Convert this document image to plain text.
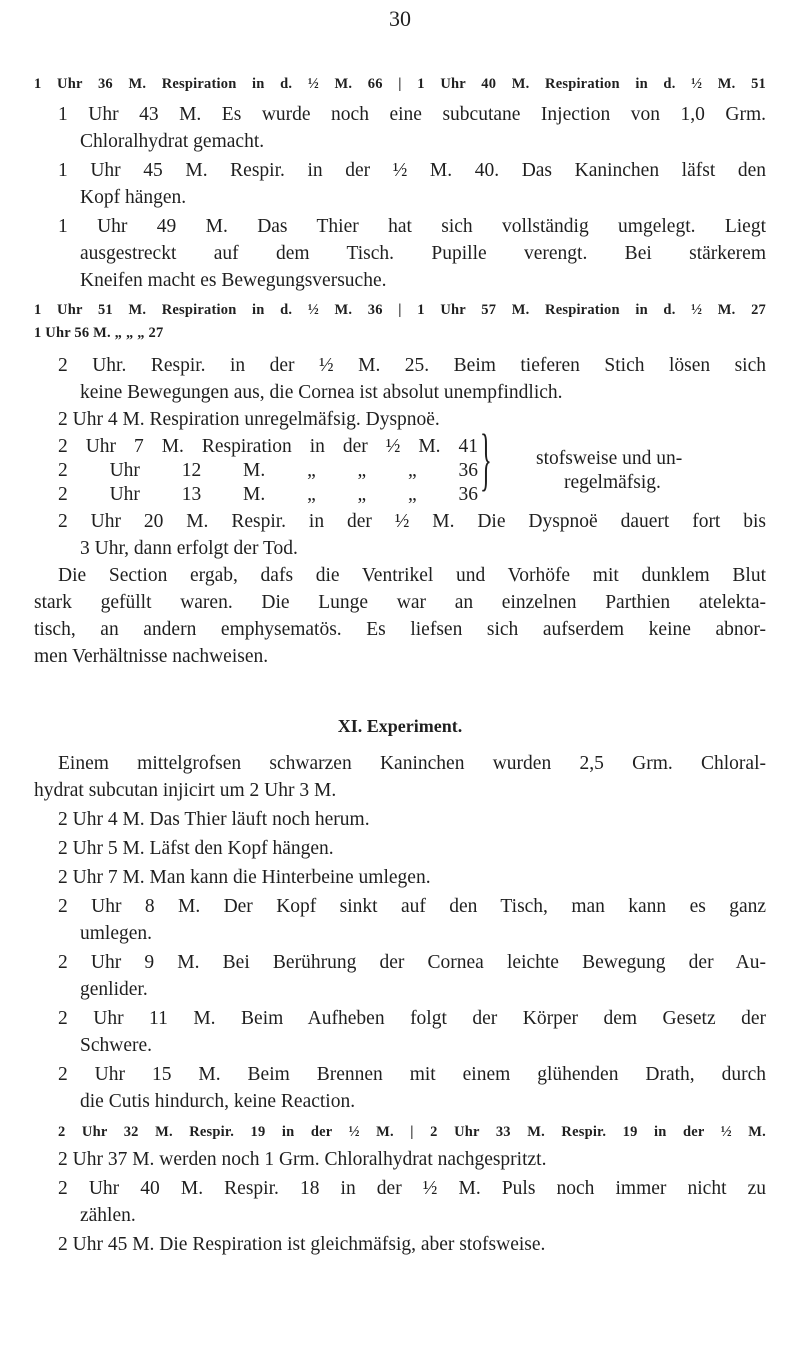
30
1 Uhr 36 M. Respiration in d. ½ M. 66 | 1 Uhr 40 M. Respiration in d. ½ M. 51
1 Uhr 43 M. Es wurde noch eine subcutane Injection von 1,0 Grm.
Chloralhydrat gemacht.
1 Uhr 45 M. Respir. in der ½ M. 40. Das Kaninchen läfst den
Kopf hängen.
1 Uhr 49 M. Das Thier hat sich vollständig umgelegt. Liegt
ausgestreckt auf dem Tisch. Pupille verengt. Bei stärkerem
Kneifen macht es Bewegungsversuche.
1 Uhr 51 M. Respiration in d. ½ M. 36 | 1 Uhr 57 M. Respiration in d. ½ M. 27
1 Uhr 56 M. „ „ „ 27
2 Uhr. Respir. in der ½ M. 25. Beim tieferen Stich lösen sich
keine Bewegungen aus, die Cornea ist absolut unempfindlich.
2 Uhr 4 M. Respiration unregelmäfsig. Dyspnoë.
2 Uhr 7 M. Respiration in der ½ M. 41
2 Uhr 12 M. „ „ „ 36
2 Uhr 13 M. „ „ „ 36 } stofsweise und un-
regelmäfsig.
2 Uhr 20 M. Respir. in der ½ M. Die Dyspnoë dauert fort bis
3 Uhr, dann erfolgt der Tod.
Die Section ergab, dafs die Ventrikel und Vorhöfe mit dunklem Blut
stark gefüllt waren. Die Lunge war an einzelnen Parthien atelekta-
tisch, an andern emphysematös. Es liefsen sich aufserdem keine abnor-
men Verhältnisse nachweisen.
XI. Experiment.
Einem mittelgrofsen schwarzen Kaninchen wurden 2,5 Grm. Chloral-
hydrat subcutan injicirt um 2 Uhr 3 M.
2 Uhr 4 M. Das Thier läuft noch herum.
2 Uhr 5 M. Läfst den Kopf hängen.
2 Uhr 7 M. Man kann die Hinterbeine umlegen.
2 Uhr 8 M. Der Kopf sinkt auf den Tisch, man kann es ganz
umlegen.
2 Uhr 9 M. Bei Berührung der Cornea leichte Bewegung der Au-
genlider.
2 Uhr 11 M. Beim Aufheben folgt der Körper dem Gesetz der
Schwere.
2 Uhr 15 M. Beim Brennen mit einem glühenden Drath, durch
die Cutis hindurch, keine Reaction.
2 Uhr 32 M. Respir. 19 in der ½ M. | 2 Uhr 33 M. Respir. 19 in der ½ M.
2 Uhr 37 M. werden noch 1 Grm. Chloralhydrat nachgespritzt.
2 Uhr 40 M. Respir. 18 in der ½ M. Puls noch immer nicht zu
zählen.
2 Uhr 45 M. Die Respiration ist gleichmäfsig, aber stofsweise.
